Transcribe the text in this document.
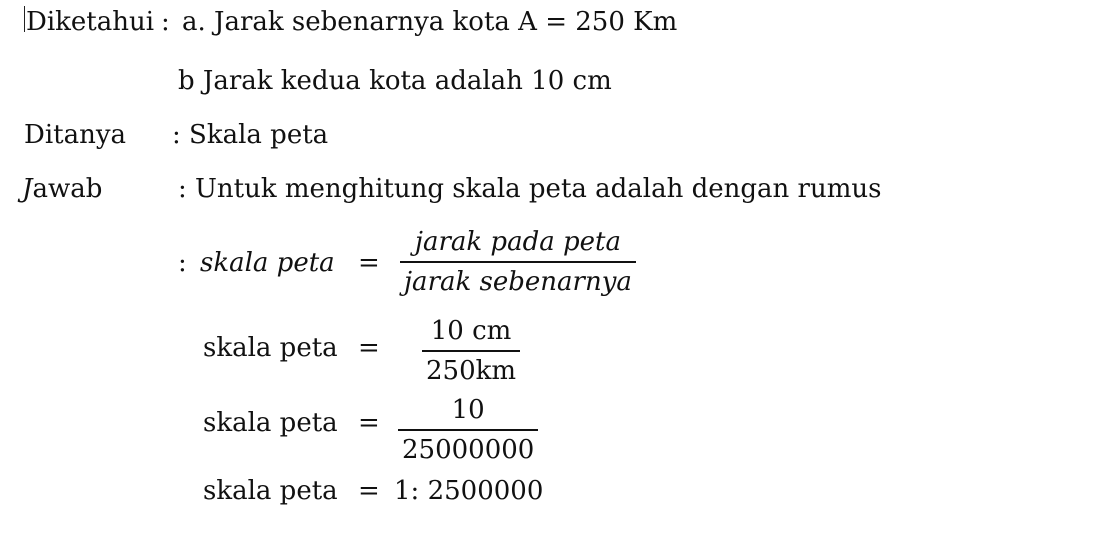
Diketahui : a. Jarak sebenarnya kota A = 250 Km
b Jarak kedua kota adalah 10 cm
Ditanya : Skala peta
Jawab	: Untuk menghitung skala peta adalah dengan rumus
: skala peta =
jarak pada peta
jarak sebenarnya
skala peta =
10 cm
250km
skala peta =	10
25000000
skala peta = 1: 2500000
